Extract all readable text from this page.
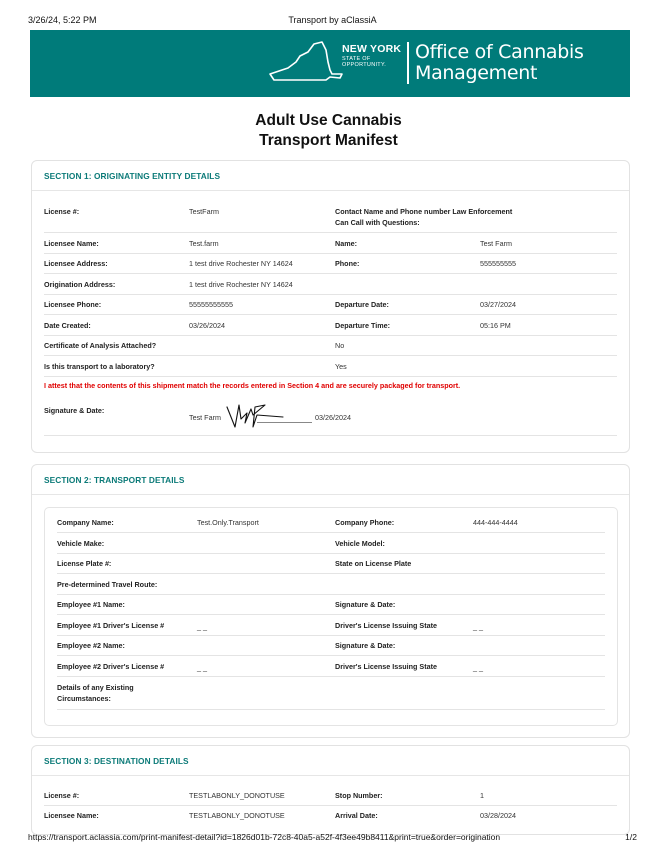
3/26/24, 5:22 PM	Transport by aClassiA
NEW YORK
STATE OF
OPPORTUNITY.
Office of Cannabis
Management
Adult Use Cannabis
Transport Manifest
SECTION 1: ORIGINATING ENTITY DETAILS
License #:	TestFarm	Contact Name and Phone number Law Enforcement
Can Call with Questions:
Licensee Name:	Test.farm	Name:	Test Farm
Licensee Address:	1 test drive Rochester NY 14624	Phone:	555555555
Origination Address:	1 test drive Rochester NY 14624
Licensee Phone:	55555555555	Departure Date:	03/27/2024
Date Created:	03/26/2024	Departure Time:	05:16 PM
Certificate of Analysis Attached?	No
Is this transport to a laboratory?	Yes
I attest that the contents of this shipment match the records entered in Section 4 and are securely packaged for transport.
Signature & Date:
Test Farm	03/26/2024
SECTION 2: TRANSPORT DETAILS
Company Name:	Test.Only.Transport	Company Phone:	444-444-4444
Vehicle Make:	Vehicle Model:
License Plate #:	State on License Plate
Pre-determined Travel Route:
Employee #1 Name:	Signature & Date:
Employee #1 Driver's License #	_ _	Driver's License Issuing State	_ _
Employee #2 Name:	Signature & Date:
Employee #2 Driver's License #	_ _	Driver's License Issuing State	_ _
Details of any Existing
Circumstances:
SECTION 3: DESTINATION DETAILS
License #:	TESTLABONLY_DONOTUSE	Stop Number:	1
Licensee Name:	TESTLABONLY_DONOTUSE	Arrival Date:	03/28/2024
https://transport.aclassia.com/print-manifest-detail?id=1826d01b-72c8-40a5-a52f-4f3ee49b8411&print=true&order=origination	1/2
